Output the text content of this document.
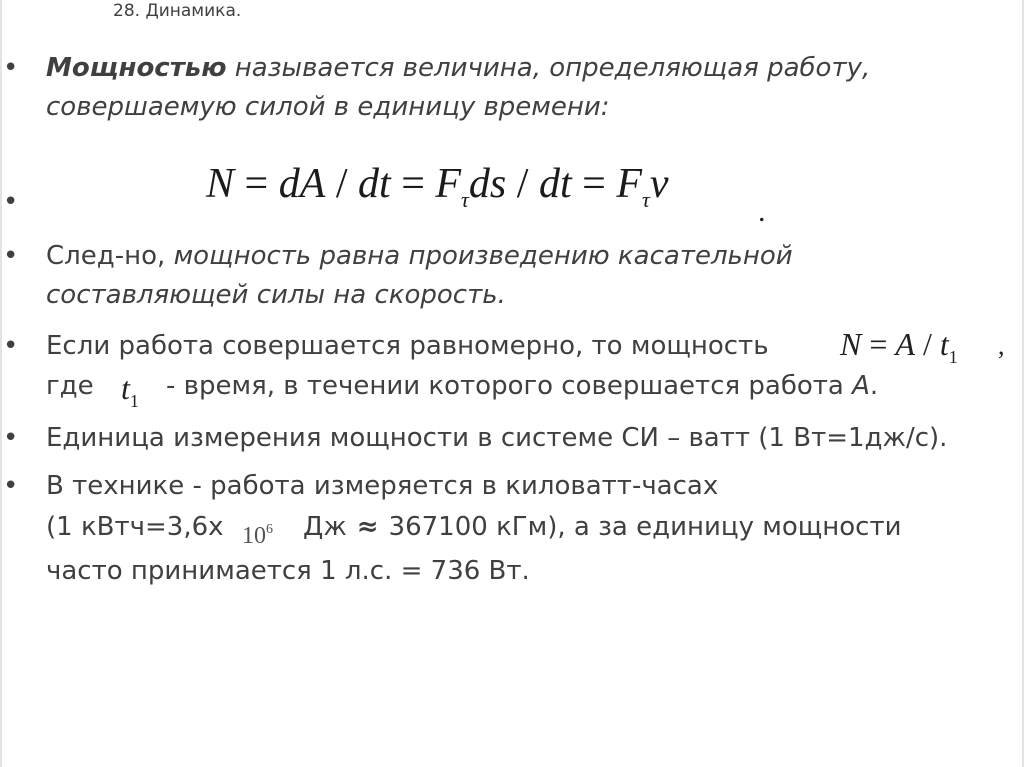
28. Динамика.
• Мощностью называется величина, определяющая работу,
совершаемую силой в единицу времени:
•	N = dA / dt = $F_\tau ds$ / dt = $F_\tau v$
.
• След-но, мощность равна произведению касательной
составляющей силы на скорость.
• Если работа совершается равномерно, то мощность
где
$N = A / t_1$ ,
$t_1$ - время, в течении которого совершается работа A.
• Единица измерения мощности в системе СИ – ватт (1 Вт=1дж/с).
• В технике - работа измеряется в киловатт-часах
(1 кВтч=3,6х
часто принимается 1 л.с. = 736 Вт.
$10^6$ Дж ≈ 367100 кГм), а за единицу мощности
